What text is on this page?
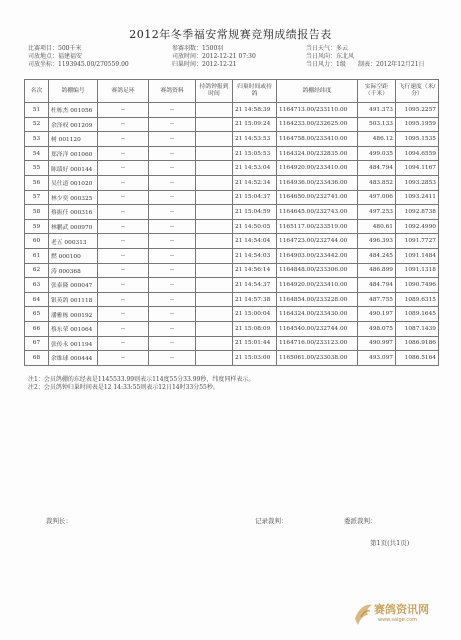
2012年冬季福安常规赛竞翔成绩报告表
比赛项目：500千米	参赛羽数：1500羽	当日天气：多云
司放地点：福建福安	司放时间：2012-12-21 07:30	当日风向：东北风
司放坐标：1193945.00/270559.00	归巢时间：2012-12-21	当日风力：1级 制表：2012年12月21日
名次	鸽棚编号	赛鸽足环	赛鸽资料	持鸽钟报到时间	归巢时间或持鸽	鸽棚经纬度	实际空距（千米）	飞行速度（米/分）
51	杜栋杰 001056	--	--		21 14:58:39	1164713.00/233110.00	491.373	1095.2257
52	余泽权 001209	--	--		21 15:09:24	1164233.00/232625.00	503.133	1095.1959
53	树 001120	--	--		21 14:53:53	1164758.00/233410.00	486.12	1095.1535
54	郑泽洋 001060	--	--		21 15:05:53	1164324.00/232835.00	499.035	1094.6559
55	陈绩好 000144	--	--		21 14:53:04	1164920.00/233410.00	484.794	1094.1167
56	吴仕道 001020	--	--		21 14:52:34	1164936.00/233436.00	483.852	1093.2853
57	林少奕 000325	--	--		21 15:04:37	1164650.00/232741.00	497.006	1093.2411
58	蔡振任 000316	--	--		21 15:04:59	1164645.00/232743.00	497.253	1092.8738
59	林鹏武 000970	--	--		21 14:50:05	1165117.00/233519.00	480.61	1092.4990
60	老五 000313	--	--		21 14:54:04	1164723.00/232744.00	496.393	1091.7727
61	燃 000100	--	--		21 14:54:03	1164903.00/233442.00	484.245	1091.1484
62	涛 000368	--	--		21 14:56:14	1164848.00/233306.00	486.899	1091.1318
63	张泰隆 000047	--	--		21 14:54:37	1164920.00/233410.00	484.794	1090.7496
64	银英鸽 001118	--	--		21 14:57:38	1164854.00/233228.00	487.755	1089.6315
65	潘雅栋 000192	--	--		21 15:00:04	1164324.00/233430.00	490.197	1089.1645
66	蔡东荣 001064	--	--		21 15:08:09	1164540.00/232744.00	498.075	1087.1439
67	张传永 001194	--	--		21 15:01:44	1164716.00/233123.00	490.997	1086.9186
68	余维球 000444	--	--		21 15:03:00	1165061.00/233038.00	493.097	1086.5164
注1：会员鸽棚的东经表是1145533.99则表示114度55分33.99秒，纬度同样表示。
注2：会员鸽钟归巢时间表是12 14:33:55则表示12日14时33分55秒。
裁判长：	记录裁判：	委派裁判：
第1页(共1页)
赛鸽资讯网
www.saige.com
